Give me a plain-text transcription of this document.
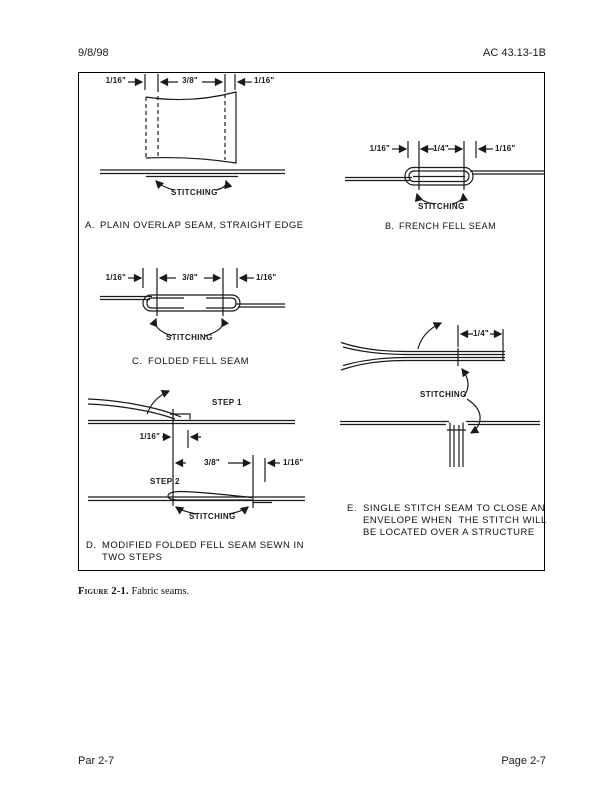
9/8/98	AC 43.13-1B
1/16"	3/8"	1/16"
STITCHING
A. PLAIN OVERLAP SEAM, STRAIGHT EDGE
1/16"	1/4"	1/16"
STITCHING
B. FRENCH FELL SEAM
1/16"	3/8"	1/16"
STITCHING
C. FOLDED FELL SEAM
STEP 1
1/16"
3/8"	1/16"
STEP 2
STITCHING
D. MODIFIED FOLDED FELL SEAM SEWN IN
TWO STEPS
1/4"
STITCHING
E. SINGLE STITCH SEAM TO CLOSE AN
ENVELOPE WHEN  THE STITCH WILL
BE LOCATED OVER A STRUCTURE
Figure 2-1. Fabric seams.
Par 2-7	Page 2-7
